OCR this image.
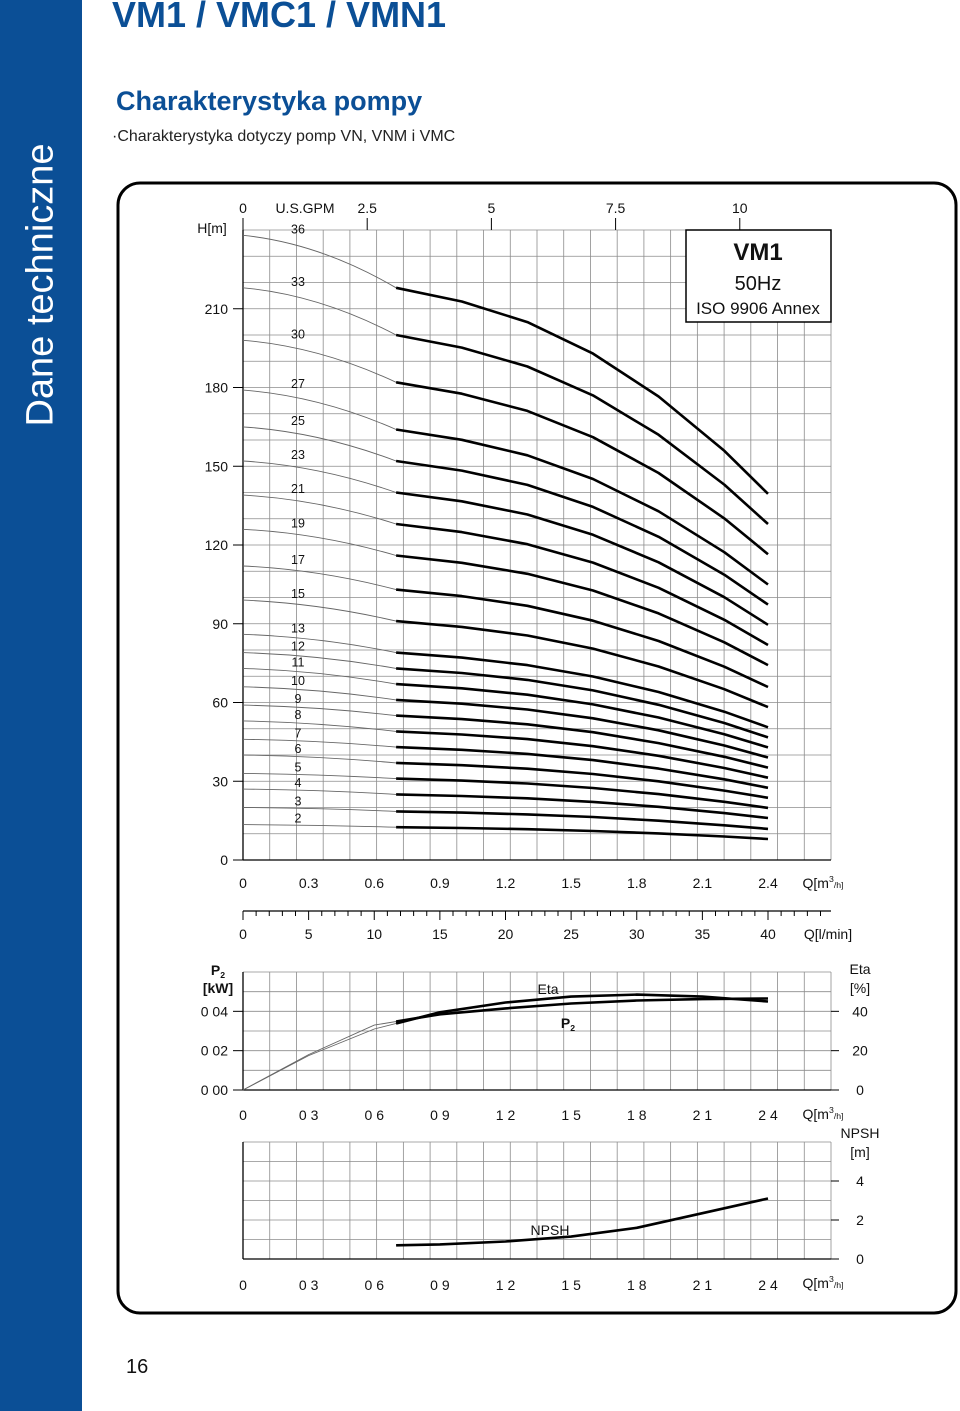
Dane techniczne
VM1 / VMC1 / VMN1
Charakterystyka pompy
·Charakterystyka dotyczy pomp VN, VNM i VMC
16
0	2.5	5	7.5	10
U.S.GPM
H[m]
0
30
60
90
120
150
180
210
0	0.3	0.6	0.9	1.2	1.5	1.8	2.1	2.4 $Q[m^3_{/h]}$
0	5	10	15	20	25	30	35	40 Q[l/min]
36
33
30
27
25
23
21
19
17
15
13
12
11
10
9
8
7
6
5
4
3
2
VM1
50Hz
ISO 9906 Annex
$P_2$
[kW]
Eta
[%]
0 04
0 02
0 00
40
20
0
0	0 3	0 6	0 9	1 2	1 5	1 8	2 1	2 4 $Q[m^3_{/h]}$
Eta
$P_2$
NPSH
[m]
4
2
0
0	0 3	0 6	0 9	1 2	1 5	1 8	2 1	2 4 $Q[m^3_{/h]}$
NPSH
